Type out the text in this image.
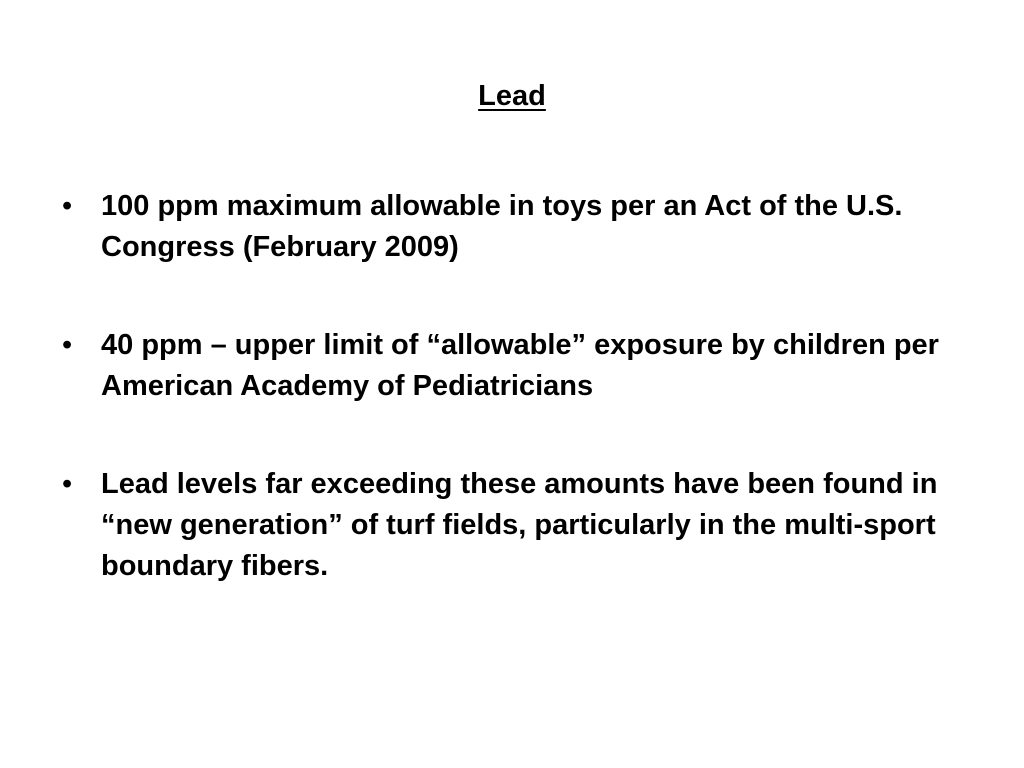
Lead
• 100 ppm maximum allowable in toys per an Act of the U.S. Congress (February 2009)
• 40 ppm – upper limit of “allowable” exposure by children per American Academy of Pediatricians
• Lead levels far exceeding these amounts have been found in “new generation” of turf fields, particularly in the multi-sport boundary fibers.
